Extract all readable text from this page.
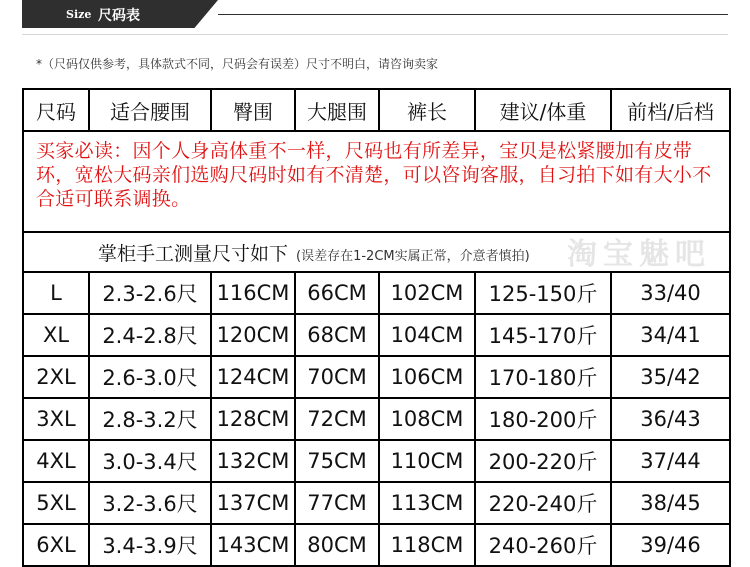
Size 尺码表
*（尺码仅供参考，具体款式不同，尺码会有误差）尺寸不明白，请咨询卖家
买家必读：因个人身高体重不一样，尺码也有所差异，宝贝是松紧腰加有皮带环，宽松大码亲们选购尺码时如有不清楚，可以咨询客服，自习拍下如有大小不合适可联系调换。						
掌柜手工测量尺寸如下 (误差存在1-2CM实属正常，介意者慎拍) 淘宝魅吧						

尺码	适合腰围	臀围	大腿围	裤长	建议/体重	前档/后档
L	2.3-2.6尺	116CM	66CM	102CM	125-150斤	33/40
XL	2.4-2.8尺	120CM	68CM	104CM	145-170斤	34/41
2XL	2.6-3.0尺	124CM	70CM	106CM	170-180斤	35/42
3XL	2.8-3.2尺	128CM	72CM	108CM	180-200斤	36/43
4XL	3.0-3.4尺	132CM	75CM	110CM	200-220斤	37/44
5XL	3.2-3.6尺	137CM	77CM	113CM	220-240斤	38/45
6XL	3.4-3.9尺	143CM	80CM	118CM	240-260斤	39/46
